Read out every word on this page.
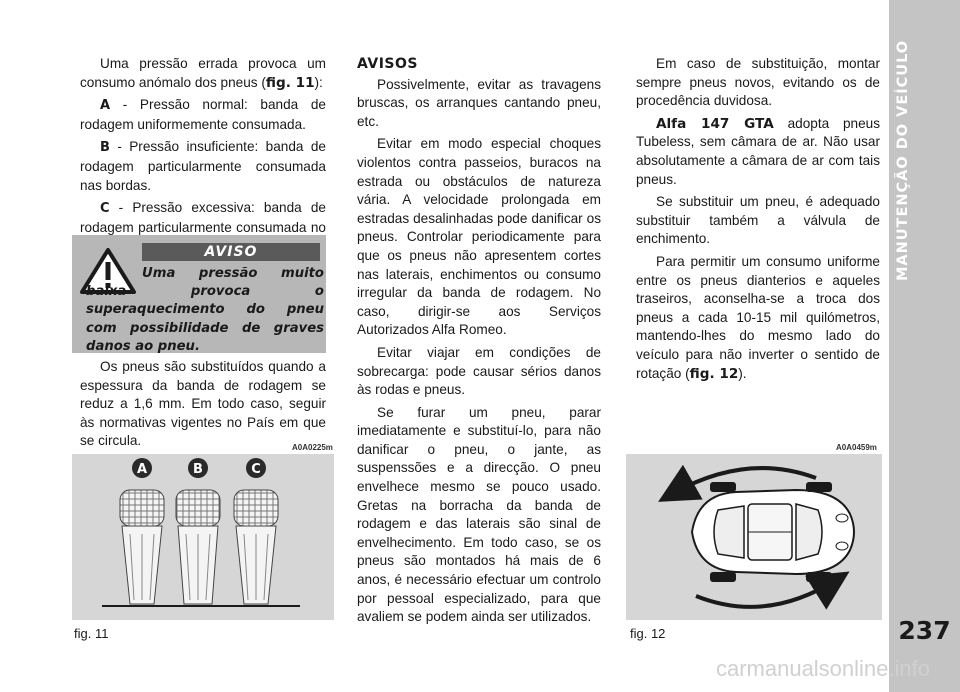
MANUTENÇÃO DO VEÍCULO
237

Uma pressão errada provoca um consumo anómalo dos pneus (fig. 11):

A - Pressão normal: banda de rodagem uniformemente consumada.

B - Pressão insuficiente: banda de rodagem particularmente consumada nas bordas.

C - Pressão excessiva: banda de rodagem particularmente consumada no

AVISO
Uma pressão muito baixa provoca o superaquecimento do pneu com possibilidade de graves danos ao pneu.

Os pneus são substituídos quando a espessura da banda de rodagem se reduz a 1,6 mm. Em todo caso, seguir às normativas vigentes no País em que se circula.

AVISOS

Possivelmente, evitar as travagens bruscas, os arranques cantando pneu, etc.

Evitar em modo especial choques violentos contra passeios, buracos na estrada ou obstáculos de natureza vária. A velocidade prolongada em estradas desalinhadas pode danificar os pneus. Controlar periodicamente para que os pneus não apresentem cortes nas laterais, enchimentos ou consumo irregular da banda de rodagem. No caso, dirigir-se aos Serviços Autorizados Alfa Romeo.

Evitar viajar em condições de sobrecarga: pode causar sérios danos às rodas e pneus.

Se furar um pneu, parar imediatamente e substituí-lo, para não danificar o pneu, o jante, as suspenssões e a direcção. O pneu envelhece mesmo se pouco usado. Gretas na borracha da banda de rodagem e das laterais são sinal de envelhecimento. Em todo caso, se os pneus são montados há mais de 6 anos, é necessário efectuar um controlo por pessoal especializado, para que avaliem se podem ainda ser utilizados.

Em caso de substituição, montar sempre pneus novos, evitando os de procedência duvidosa.

Alfa 147 GTA adopta pneus Tubeless, sem câmara de ar. Não usar absolutamente a câmara de ar com tais pneus.

Se substituir um pneu, é adequado substituir também a válvula de enchimento.

Para permitir um consumo uniforme entre os pneus dianterios e aqueles traseiros, aconselha-se a troca dos pneus a cada 10-15 mil quilómetros, mantendo-lhes do mesmo lado do veículo para não inverter o sentido de rotação (fig. 12).

A0A0225m
A	B	C
fig. 11
A0A0459m
fig. 12
carmanualsonline.info
